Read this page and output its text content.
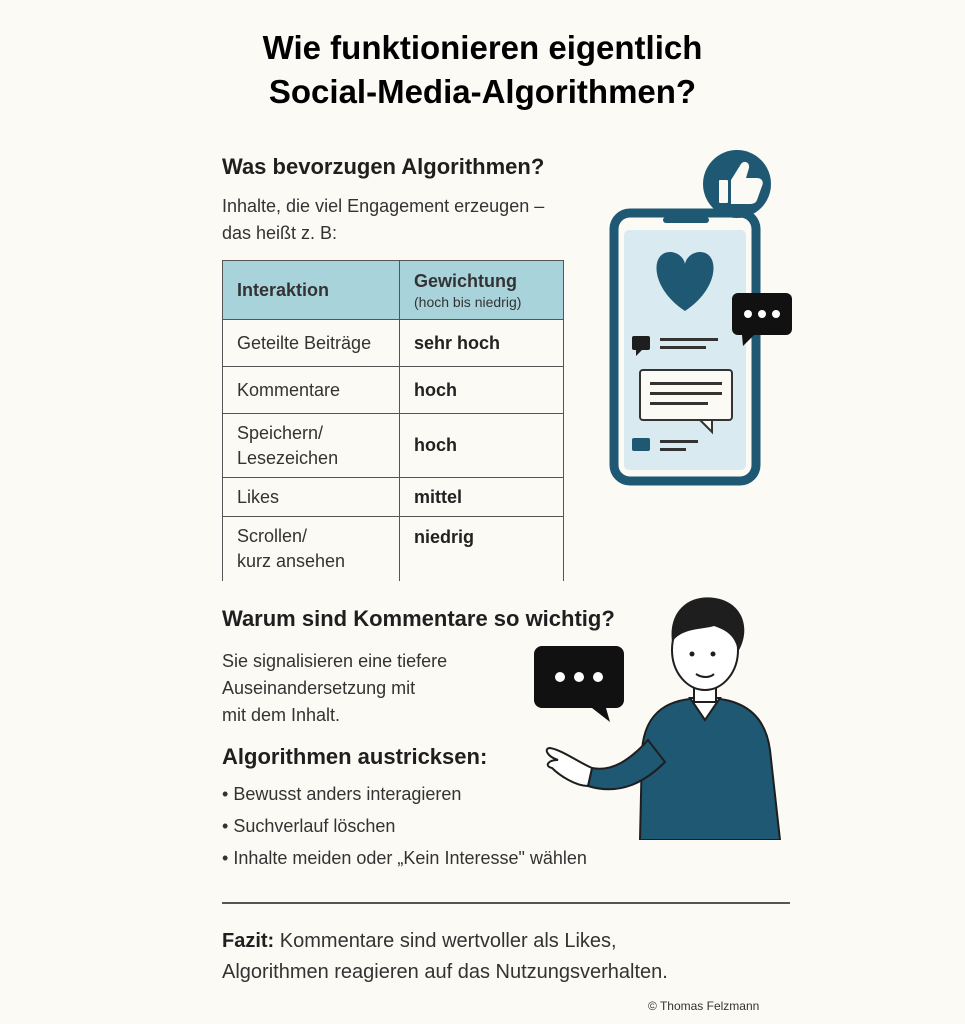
Wie funktionieren eigentlich
Social-Media-Algorithmen?
Was bevorzugen Algorithmen?
Inhalte, die viel Engagement erzeugen –
das heißt z. B:
Interaktion	Gewichtung
(hoch bis niedrig)

Geteilte Beiträge	sehr hoch
Kommentare	hoch

Speichern/
Lesezeichen	hoch
Likes	mittel

Scrollen/
kurz ansehen	niedrig
Warum sind Kommentare so wichtig?
Sie signalisieren eine tiefere
Auseinandersetzung mit
mit dem Inhalt.
Algorithmen austricksen:
• Bewusst anders interagieren
• Suchverlauf löschen
• Inhalte meiden oder „Kein Interesse" wählen
Fazit: Kommentare sind wertvoller als Likes,
Algorithmen reagieren auf das Nutzungsverhalten.
© Thomas Felzmann
